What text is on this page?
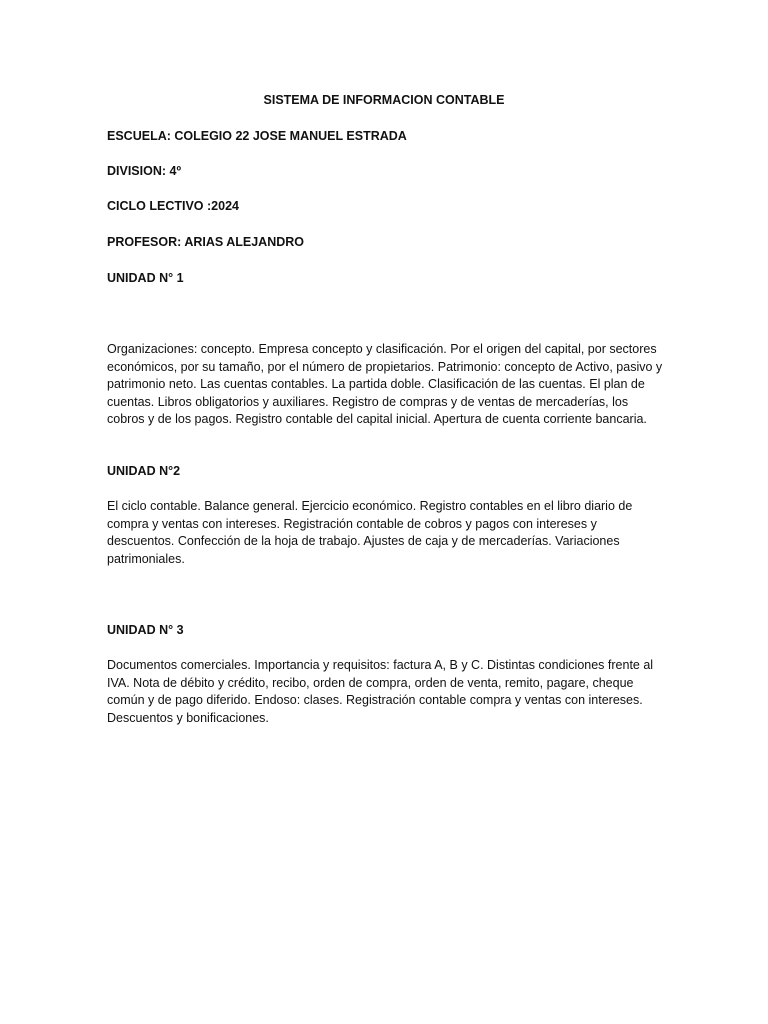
SISTEMA DE INFORMACION CONTABLE
ESCUELA: COLEGIO 22 JOSE MANUEL ESTRADA
DIVISION: 4º
CICLO LECTIVO :2024
PROFESOR: ARIAS ALEJANDRO
UNIDAD N° 1

Organizaciones: concepto. Empresa concepto y clasificación. Por el origen del capital, por sectores económicos, por su tamaño, por el número de propietarios. Patrimonio: concepto de Activo, pasivo y patrimonio neto. Las cuentas contables. La partida doble. Clasificación de las cuentas. El plan de cuentas. Libros obligatorios y auxiliares. Registro de compras y de ventas de mercaderías, los cobros y de los pagos. Registro contable del capital inicial. Apertura de cuenta corriente bancaria.

UNIDAD N°2

El ciclo contable. Balance general. Ejercicio económico. Registro contables en el libro diario de compra y ventas con intereses. Registración contable de cobros y pagos con intereses y descuentos. Confección de la hoja de trabajo. Ajustes de caja y de mercaderías. Variaciones patrimoniales.

UNIDAD N° 3

Documentos comerciales. Importancia y requisitos: factura A, B y C. Distintas condiciones frente al IVA. Nota de débito y crédito, recibo, orden de compra, orden de venta, remito, pagare, cheque común y de pago diferido. Endoso: clases. Registración contable compra y ventas con intereses. Descuentos y bonificaciones.
